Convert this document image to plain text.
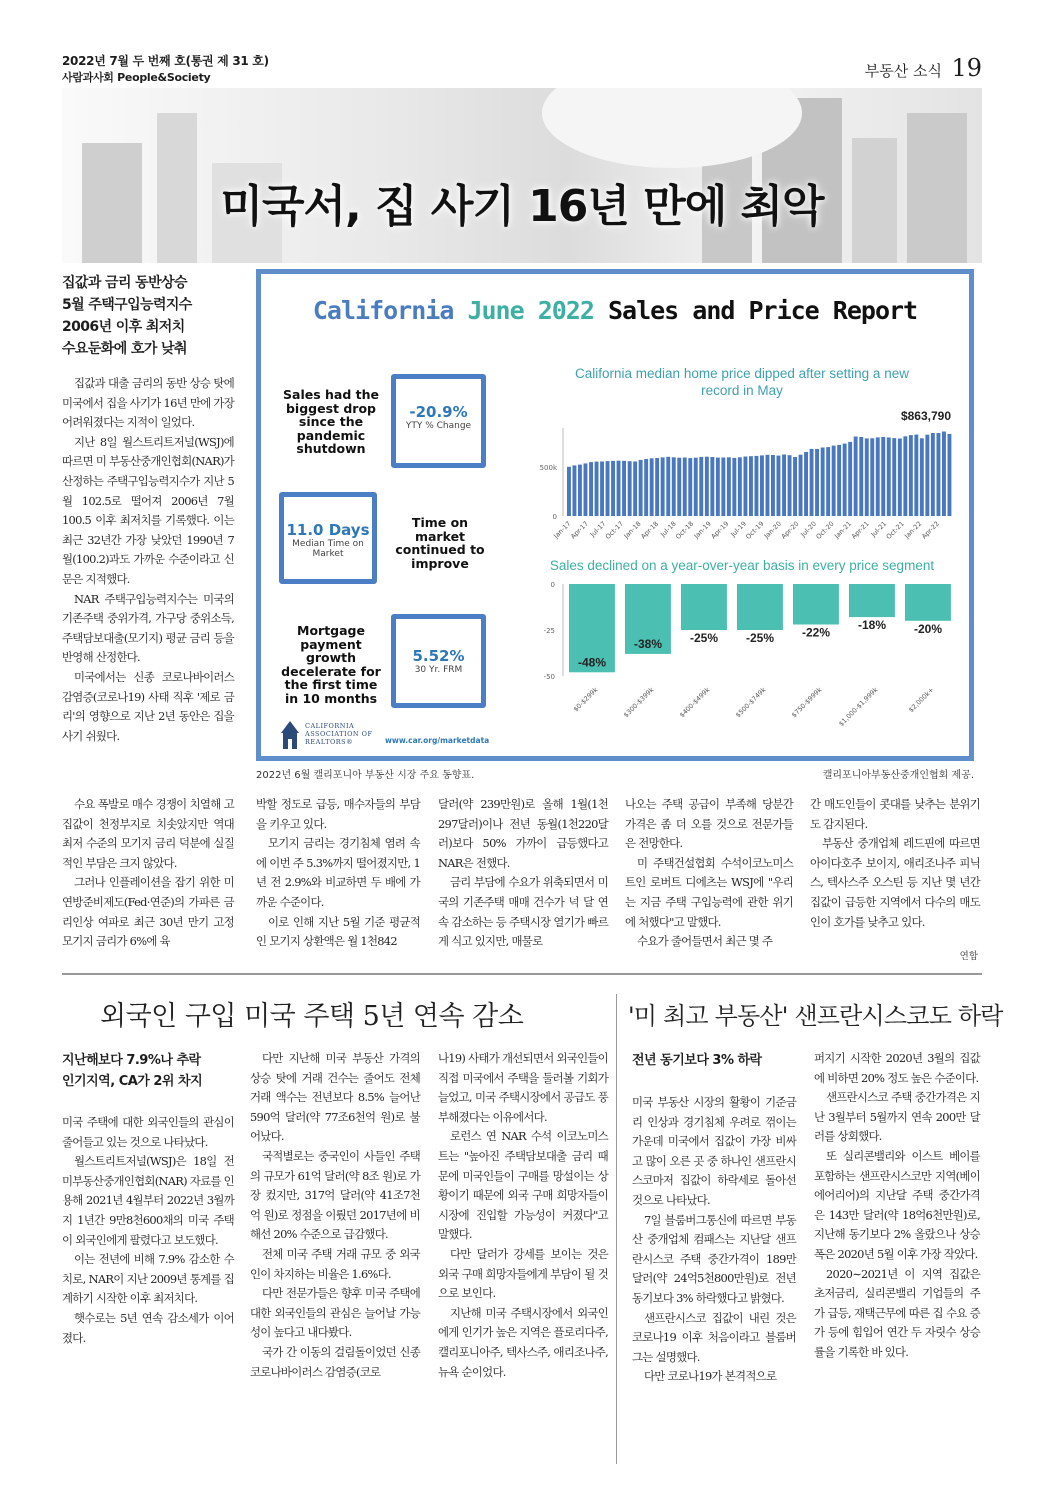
2022년 7월 두 번째 호(통권 제 31 호)
사람과사회 People&Society	부동산 소식 19
미국서, 집 사기 16년 만에 최악
집값과 금리 동반상승
5월 주택구입능력지수
2006년 이후 최저치
수요둔화에 호가 낮춰

집값과 대출 금리의 동반 상승 탓에 미국에서 집을 사기가 16년 만에 가장 어려워졌다는 지적이 일었다.

지난 8일 월스트리트저널(WSJ)에 따르면 미 부동산중개인협회(NAR)가 산정하는 주택구입능력지수가 지난 5월 102.5로 떨어져 2006년 7월 100.5 이후 최저치를 기록했다. 이는 최근 32년간 가장 낮았던 1990년 7월(100.2)과도 가까운 수준이라고 신문은 지적했다.

NAR 주택구입능력지수는 미국의 기존주택 중위가격, 가구당 중위소득, 주택담보대출(모기지) 평균 금리 등을 반영해 산정한다.

미국에서는 신종 코로나바이러스 감염증(코로나19) 사태 직후 '제로 금리'의 영향으로 지난 2년 동안은 집을 사기 쉬웠다.

수요 폭발로 매수 경쟁이 치열해 고 집값이 천정부지로 치솟았지만 역대 최저 수준의 모기지 금리 덕분에 실질적인 부담은 크지 않았다.

그러나 인플레이션을 잡기 위한 미 연방준비제도(Fed·연준)의 가파른 금리인상 여파로 최근 30년 만기 고정 모기지 금리가 6%에 육

California June 2022 Sales and Price Report
Sales had the biggest drop since the pandemic shutdown
-20.9%
YTY % Change
11.0 Days
Median Time on Market
Time on market continued to improve
Mortgage payment growth decelerate for the first time in 10 months
5.52%
30 Yr. FRM
CALIFORNIA ASSOCIATION OF REALTORS®	www.car.org/marketdata
California median home price dipped after setting a new
record in May
$863,790
500k
0
Jan-17
Apr-17
Jul-17
Oct-17
Jan-18
Apr-18
Jul-18
Oct-18
Jan-19
Apr-19
Jul-19
Oct-19
Jan-20
Apr-20
Jul-20
Oct-20
Jan-21
Apr-21
Jul-21
Oct-21
Jan-22
Apr-22
Sales declined on a year-over-year basis in every price segment
0
-25
-50
-48%
$0-$299k
-38%
$300-$399k
-25%
$400-$499k
-25%
$500-$749k
-22%
$750-$999k
-18%
$1,000-$1,999k
-20%
$2,000k+
2022년 6월 캘리포니아 부동산 시장 주요 동향표.	캘리포니아부동산중개인협회 제공.

박할 정도로 급등, 매수자들의 부담을 키우고 있다.

모기지 금리는 경기침체 염려 속에 이번 주 5.3%까지 떨어졌지만, 1년 전 2.9%와 비교하면 두 배에 가까운 수준이다.

이로 인해 지난 5월 기준 평균적인 모기지 상환액은 월 1천842

달러(약 239만원)로 올해 1월(1천297달러)이나 전년 동월(1천220달러)보다 50% 가까이 급등했다고 NAR은 전했다.

금리 부담에 수요가 위축되면서 미국의 기존주택 매매 건수가 넉 달 연속 감소하는 등 주택시장 열기가 빠르게 식고 있지만, 매물로

나오는 주택 공급이 부족해 당분간 가격은 좀 더 오를 것으로 전문가들은 전망한다.

미 주택건설협회 수석이코노미스트인 로버트 디에츠는 WSJ에 "우리는 지금 주택 구입능력에 관한 위기에 처했다"고 말했다.

수요가 줄어들면서 최근 몇 주

간 매도인들이 콧대를 낮추는 분위기도 감지된다.

부동산 중개업체 레드핀에 따르면 아이다호주 보이지, 애리조나주 피닉스, 텍사스주 오스틴 등 지난 몇 년간 집값이 급등한 지역에서 다수의 매도인이 호가를 낮추고 있다.

연합
외국인 구입 미국 주택 5년 연속 감소
지난해보다 7.9%나 추락
인기지역, CA가 2위 차지

미국 주택에 대한 외국인들의 관심이 줄어들고 있는 것으로 나타났다.

월스트리트저널(WSJ)은 18일 전미부동산중개인협회(NAR) 자료를 인용해 2021년 4월부터 2022년 3월까지 1년간 9만8천600채의 미국 주택이 외국인에게 팔렸다고 보도했다.

이는 전년에 비해 7.9% 감소한 수치로, NAR이 지난 2009년 통계를 집계하기 시작한 이후 최저치다.

햇수로는 5년 연속 감소세가 이어졌다.

다만 지난해 미국 부동산 가격의 상승 탓에 거래 건수는 줄어도 전체 거래 액수는 전년보다 8.5% 늘어난 590억 달러(약 77조6천억 원)로 불어났다.

국적별로는 중국인이 사들인 주택의 규모가 61억 달러(약 8조 원)로 가장 컸지만, 317억 달러(약 41조7천억 원)로 정점을 이뤘던 2017년에 비해선 20% 수준으로 급감했다.

전체 미국 주택 거래 규모 중 외국인이 차지하는 비율은 1.6%다.

다만 전문가들은 향후 미국 주택에 대한 외국인들의 관심은 늘어날 가능성이 높다고 내다봤다.

국가 간 이동의 걸림돌이었던 신종 코로나바이러스 감염증(코로

나19) 사태가 개선되면서 외국인들이 직접 미국에서 주택을 둘러볼 기회가 늘었고, 미국 주택시장에서 공급도 풍부해졌다는 이유에서다.

로런스 연 NAR 수석 이코노미스트는 "높아진 주택담보대출 금리 때문에 미국인들이 구매를 망설이는 상황이기 때문에 외국 구매 희망자들이 시장에 진입할 가능성이 커졌다"고 말했다.

다만 달러가 강세를 보이는 것은 외국 구매 희망자들에게 부담이 될 것으로 보인다.

지난해 미국 주택시장에서 외국인에게 인기가 높은 지역은 플로리다주, 캘리포니아주, 텍사스주, 애리조나주, 뉴욕 순이었다.

'미 최고 부동산' 샌프란시스코도 하락
전년 동기보다 3% 하락

미국 부동산 시장의 활황이 기준금리 인상과 경기침체 우려로 꺾이는 가운데 미국에서 집값이 가장 비싸고 많이 오른 곳 중 하나인 샌프란시스코마저 집값이 하락세로 돌아선 것으로 나타났다.

7일 블룸버그통신에 따르면 부동산 중개업체 컴패스는 지난달 샌프란시스코 주택 중간가격이 189만 달러(약 24억5천800만원)로 전년 동기보다 3% 하락했다고 밝혔다.

샌프란시스코 집값이 내린 것은 코로나19 이후 처음이라고 블룸버그는 설명했다.

다만 코로나19가 본격적으로

퍼지기 시작한 2020년 3월의 집값에 비하면 20% 정도 높은 수준이다.

샌프란시스코 주택 중간가격은 지난 3월부터 5월까지 연속 200만 달러를 상회했다.

또 실리콘밸리와 이스트 베이를 포함하는 샌프란시스코만 지역(베이 에어리어)의 지난달 주택 중간가격은 143만 달러(약 18억6천만원)로, 지난해 동기보다 2% 올랐으나 상승 폭은 2020년 5월 이후 가장 작았다.

2020∼2021년 이 지역 집값은 초저금리, 실리콘밸리 기업들의 주가 급등, 재택근무에 따른 집 수요 증가 등에 힘입어 연간 두 자릿수 상승률을 기록한 바 있다.
